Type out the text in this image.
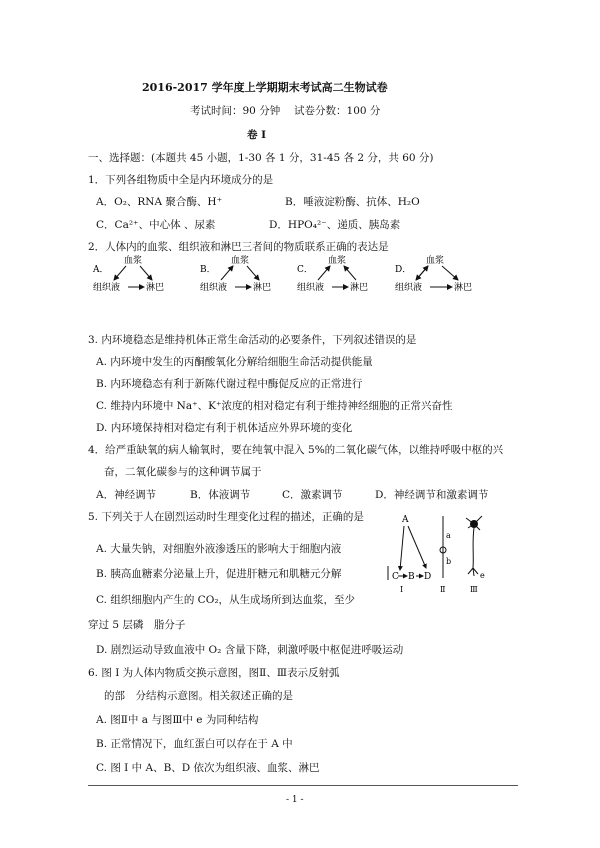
2016-2017 学年度上学期期末考试高二生物试卷
考试时间：90 分钟　 试卷分数：100 分
卷 I
一、选择题：(本题共 45 小题，1-30 各 1 分，31-45 各 2 分，共 60 分)
1．下列各组物质中全是内环境成分的是
A．O₂、RNA 聚合酶、H⁺	B．唾液淀粉酶、抗体、H₂O
C．Ca²⁺、中心体 、尿素	D．HPO₄²⁻、递质、胰岛素
2．人体内的血浆、组织液和淋巴三者间的物质联系正确的表达是
A．
血浆
组织液	淋巴
B．
血浆
组织液	淋巴
C．
血浆
组织液	淋巴
D．
血浆
组织液	淋巴
3. 内环境稳态是维持机体正常生命活动的必要条件，下列叙述错误的是
A. 内环境中发生的丙酮酸氧化分解给细胞生命活动提供能量
B. 内环境稳态有利于新陈代谢过程中酶促反应的正常进行
C. 维持内环境中 Na⁺、K⁺浓度的相对稳定有利于维持神经细胞的正常兴奋性
D. 内环境保持相对稳定有利于机体适应外界环境的变化
4．给严重缺氧的病人输氧时，要在纯氧中混入 5%的二氧化碳气体，以维持呼吸中枢的兴
奋，二氧化碳参与的这种调节属于
A．神经调节	B．体液调节	C．激素调节	D．神经调节和激素调节
5. 下列关于人在剧烈运动时生理变化过程的描述，正确的是
A. 大量失钠，对细胞外液渗透压的影响大于细胞内液
B. 胰高血糖素分泌量上升，促进肝糖元和肌糖元分解
C. 组织细胞内产生的 CO₂，从生成场所到达血浆，至少
穿过 5 层磷　脂分子
D. 剧烈运动导致血液中 O₂ 含量下降，刺激呼吸中枢促进呼吸运动
A
C B D
Ⅰ
a
b
Ⅱ
e
Ⅲ
6. 图 I 为人体内物质交换示意图，图Ⅱ、Ⅲ表示反射弧
的部　分结构示意图。相关叙述正确的是
A. 图Ⅱ中 a 与图Ⅲ中 e 为同种结构
B. 正常情况下，血红蛋白可以存在于 A 中
C. 图 I 中 A、B、D 依次为组织液、血浆、淋巴
- 1 -
